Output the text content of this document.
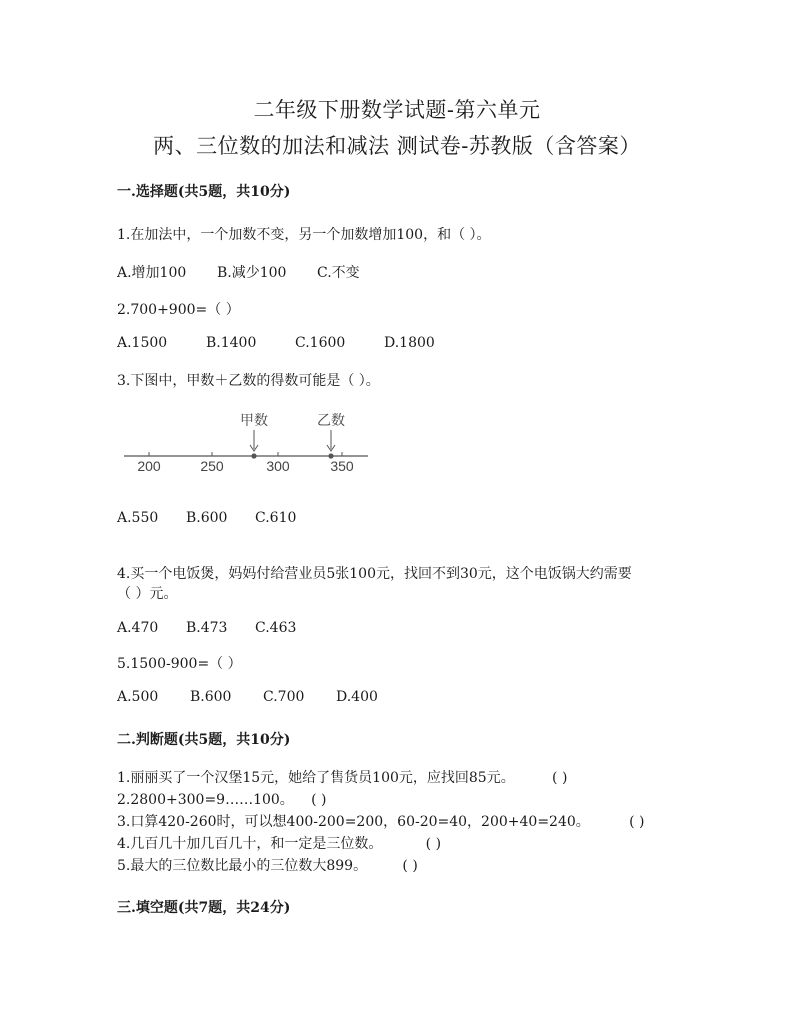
二年级下册数学试题-第六单元
两、三位数的加法和减法 测试卷-苏教版（含答案）
一.选择题(共5题，共10分)
1.在加法中，一个加数不变，另一个加数增加100，和（ ）。
A.增加100 B.减少100 C.不变
2.700+900=（ ）
A.1500	B.1400	C.1600	D.1800
3.下图中，甲数＋乙数的得数可能是（ ）。
甲数	乙数
200	250	300	350
A.550 B.600 C.610
4.买一个电饭煲，妈妈付给营业员5张100元，找回不到30元，这个电饭锅大约需要
（ ）元。
A.470 B.473 C.463
5.1500-900=（ ）
A.500 B.600 C.700 D.400
二.判断题(共5题，共10分)
1.丽丽买了一个汉堡15元，她给了售货员100元，应找回85元。	( )
2.2800+300=9……100。 ( )
3.口算420-260时，可以想400-200=200，60-20=40，200+40=240。	( )
4.几百几十加几百几十，和一定是三位数。	( )
5.最大的三位数比最小的三位数大899。	( )
三.填空题(共7题，共24分)
